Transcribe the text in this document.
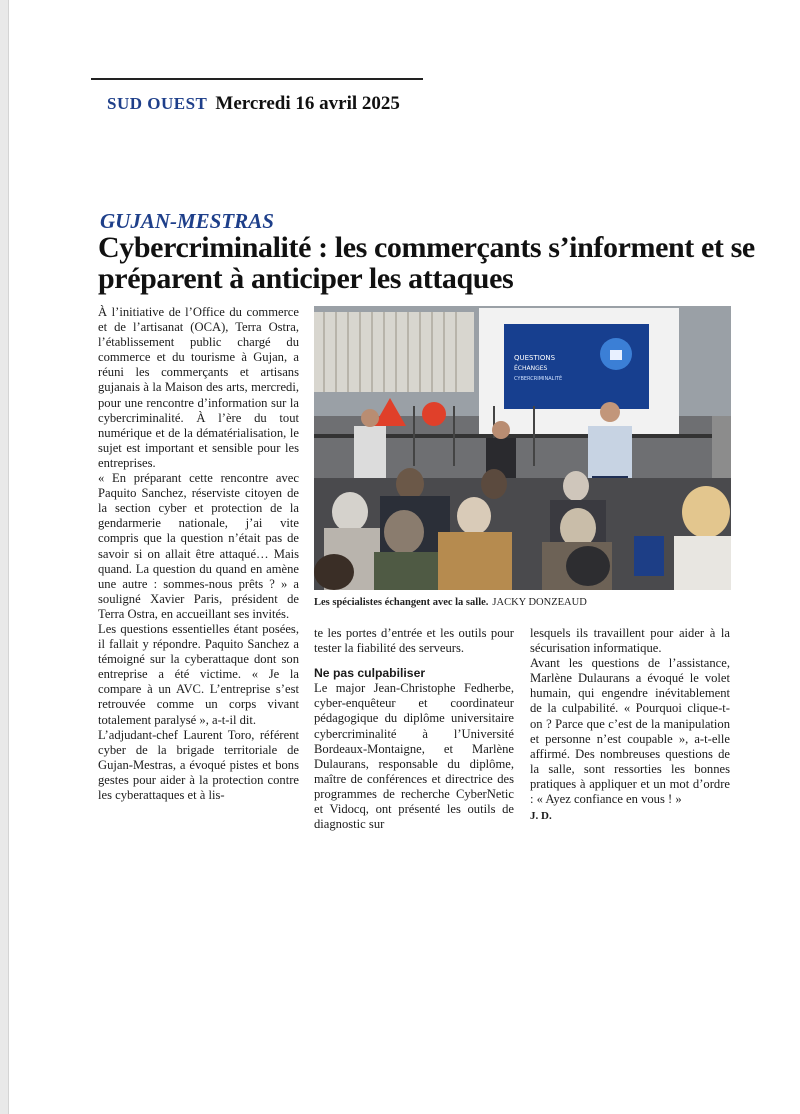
SUD OUEST Mercredi 16 avril 2025
GUJAN-MESTRAS
Cybercriminalité : les commerçants s’informent et se préparent à anticiper les attaques

À l’initiative de l’Office du commerce et de l’artisanat (OCA), Terra Ostra, l’établissement public chargé du commerce et du tourisme à Gujan, a réuni les commerçants et artisans gujanais à la Maison des arts, mercredi, pour une rencontre d’information sur la cybercriminalité. À l’ère du tout numérique et de la dématérialisation, le sujet est important et sensible pour les entreprises.

« En préparant cette rencontre avec Paquito Sanchez, réserviste citoyen de la section cyber et protection de la gendarmerie nationale, j’ai vite compris que la question n’était pas de savoir si on allait être attaqué… Mais quand. La question du quand en amène une autre : sommes-nous prêts ? » a souligné Xavier Paris, président de Terra Ostra, en accueillant ses invités.

Les questions essentielles étant posées, il fallait y répondre. Paquito Sanchez a témoigné sur la cyberattaque dont son entreprise a été victime. « Je la compare à un AVC. L’entreprise s’est retrouvée comme un corps vivant totalement paralysé », a-t-il dit.

L’adjudant-chef Laurent Toro, référent cyber de la brigade territoriale de Gujan-Mestras, a évoqué pistes et bons gestes pour aider à la protection contre les cyberattaques et à lis-

QUESTIONS
ÉCHANGES
CYBERCRIMINALITÉ
Les spécialistes échangent avec la salle. JACKY DONZEAUD

te les portes d’entrée et les outils pour tester la fiabilité des serveurs.

Ne pas culpabiliser

Le major Jean-Christophe Fedherbe, cyber-enquêteur et coordinateur pédagogique du diplôme universitaire cybercriminalité à l’Université Bordeaux-Montaigne, et Marlène Dulaurans, responsable du diplôme, maître de conférences et directrice des programmes de recherche CyberNetic et Vidocq, ont présenté les outils de diagnostic sur

lesquels ils travaillent pour aider à la sécurisation informatique.

Avant les questions de l’assistance, Marlène Dulaurans a évoqué le volet humain, qui engendre inévitablement de la culpabilité. « Pourquoi clique-t-on ? Parce que c’est de la manipulation et personne n’est coupable », a-t-elle affirmé. Des nombreuses questions de la salle, sont ressorties les bonnes pratiques à appliquer et un mot d’ordre : « Ayez confiance en vous ! »

J. D.
